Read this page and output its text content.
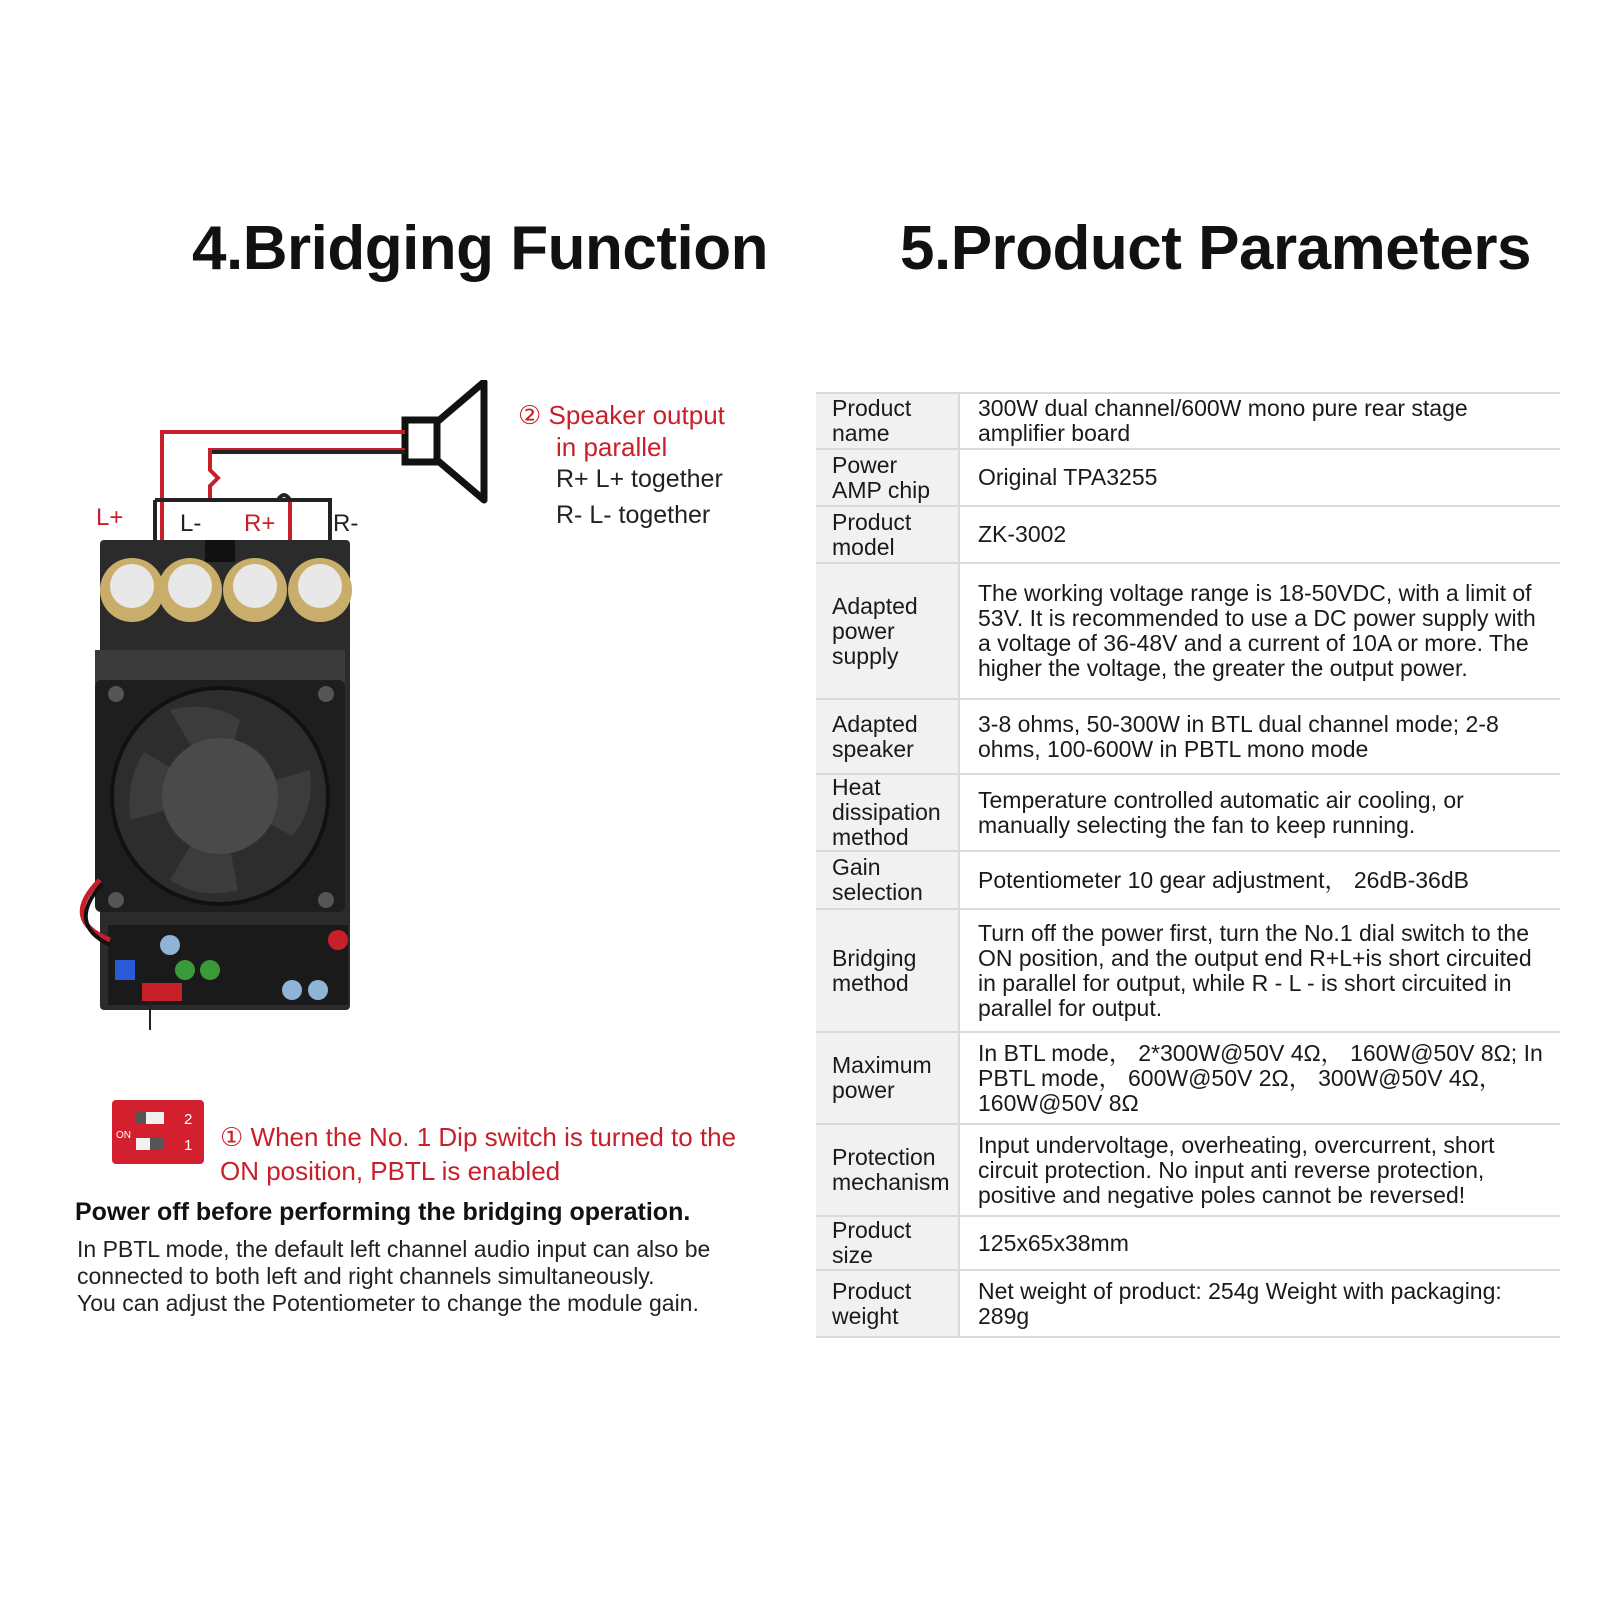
4.Bridging Function 5.Product Parameters
L+ L- R+ R-
② Speaker output
in parallel
R+ L+ together
R- L- together
2
1
ON	① When the No. 1 Dip switch is turned to the
ON position, PBTL is enabled
Power off before performing the bridging operation.
In PBTL mode, the default left channel audio input can also be
connected to both left and right channels simultaneously.
You can adjust the Potentiometer to change the module gain.
Product name	300W dual channel/600W mono pure rear stage amplifier board
Power AMP chip	Original TPA3255
Product model	ZK-3002
Adapted power supply	The working voltage range is 18-50VDC, with a limit of 53V. It is recommended to use a DC power supply with a voltage of 36-48V and a current of 10A or more. The higher the voltage, the greater the output power.
Adapted speaker	3-8 ohms, 50-300W in BTL dual channel mode; 2-8 ohms, 100-600W in PBTL mono mode
Heat dissipation method	Temperature controlled automatic air cooling, or manually selecting the fan to keep running.
Gain selection	Potentiometer 10 gear adjustment， 26dB-36dB
Bridging method	Turn off the power first, turn the No.1 dial switch to the ON position, and the output end R+L+is short circuited in parallel for output, while R - L - is short circuited in parallel for output.
Maximum power	In BTL mode， 2*300W@50V 4Ω， 160W@50V 8Ω; In PBTL mode， 600W@50V 2Ω， 300W@50V 4Ω， 160W@50V 8Ω
Protection mechanism	Input undervoltage, overheating, overcurrent, short circuit protection. No input anti reverse protection, positive and negative poles cannot be reversed!
Product size	125x65x38mm
Product weight	Net weight of product: 254g Weight with packaging: 289g
